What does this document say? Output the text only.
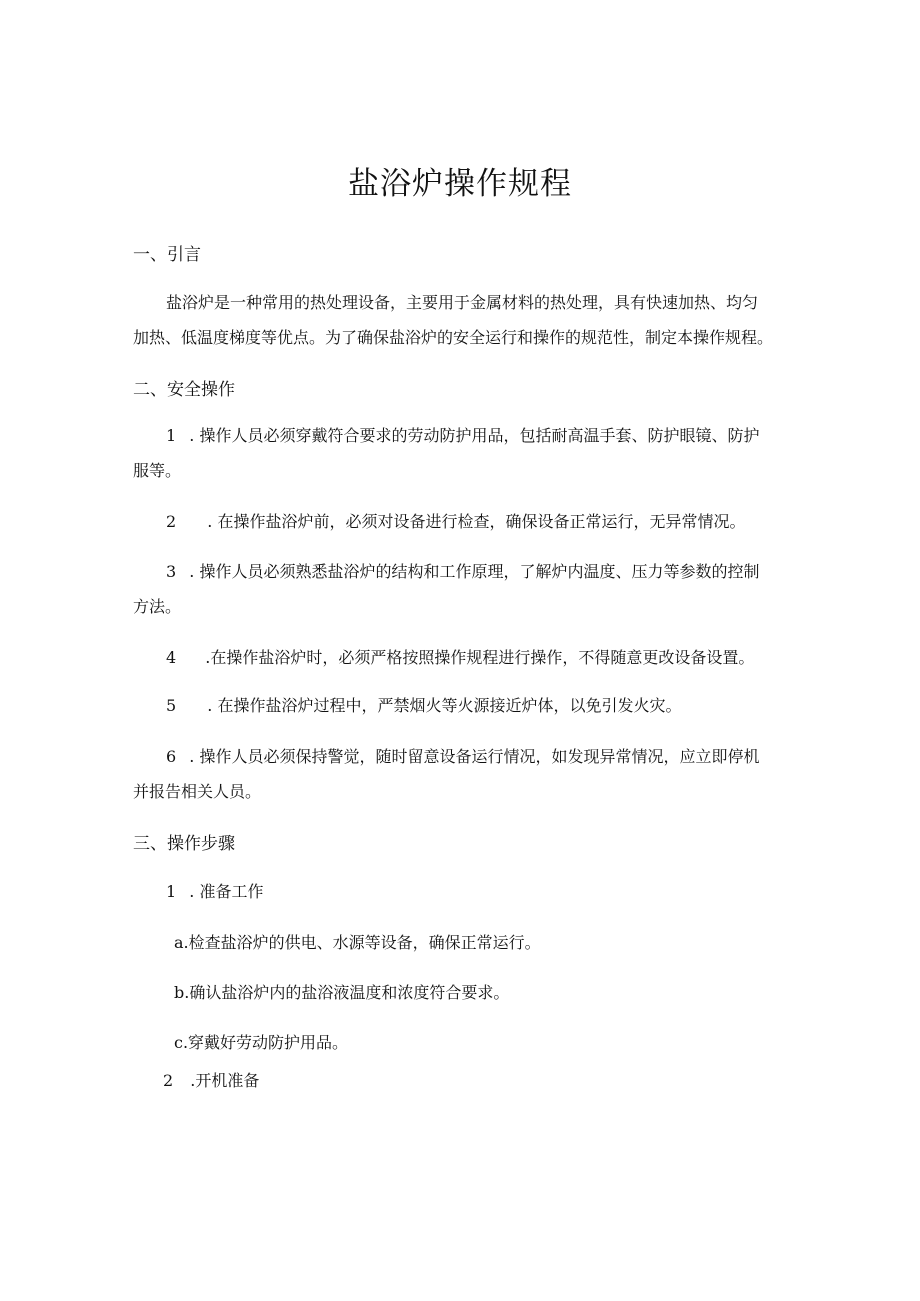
盐浴炉操作规程
一、引言
盐浴炉是一种常用的热处理设备，主要用于金属材料的热处理，具有快速加热、均匀
加热、低温度梯度等优点。为了确保盐浴炉的安全运行和操作的规范性，制定本操作规程。
二、安全操作
1 . 操作人员必须穿戴符合要求的劳动防护用品，包括耐高温手套、防护眼镜、防护
服等。
2 . 在操作盐浴炉前，必须对设备进行检查，确保设备正常运行，无异常情况。
3 . 操作人员必须熟悉盐浴炉的结构和工作原理，了解炉内温度、压力等参数的控制
方法。
4 .在操作盐浴炉时，必须严格按照操作规程进行操作，不得随意更改设备设置。
5 . 在操作盐浴炉过程中，严禁烟火等火源接近炉体，以免引发火灾。
6 . 操作人员必须保持警觉，随时留意设备运行情况，如发现异常情况，应立即停机
并报告相关人员。
三、操作步骤
1 . 准备工作
a.检查盐浴炉的供电、水源等设备，确保正常运行。
b.确认盐浴炉内的盐浴液温度和浓度符合要求。
c.穿戴好劳动防护用品。
2 .开机准备
